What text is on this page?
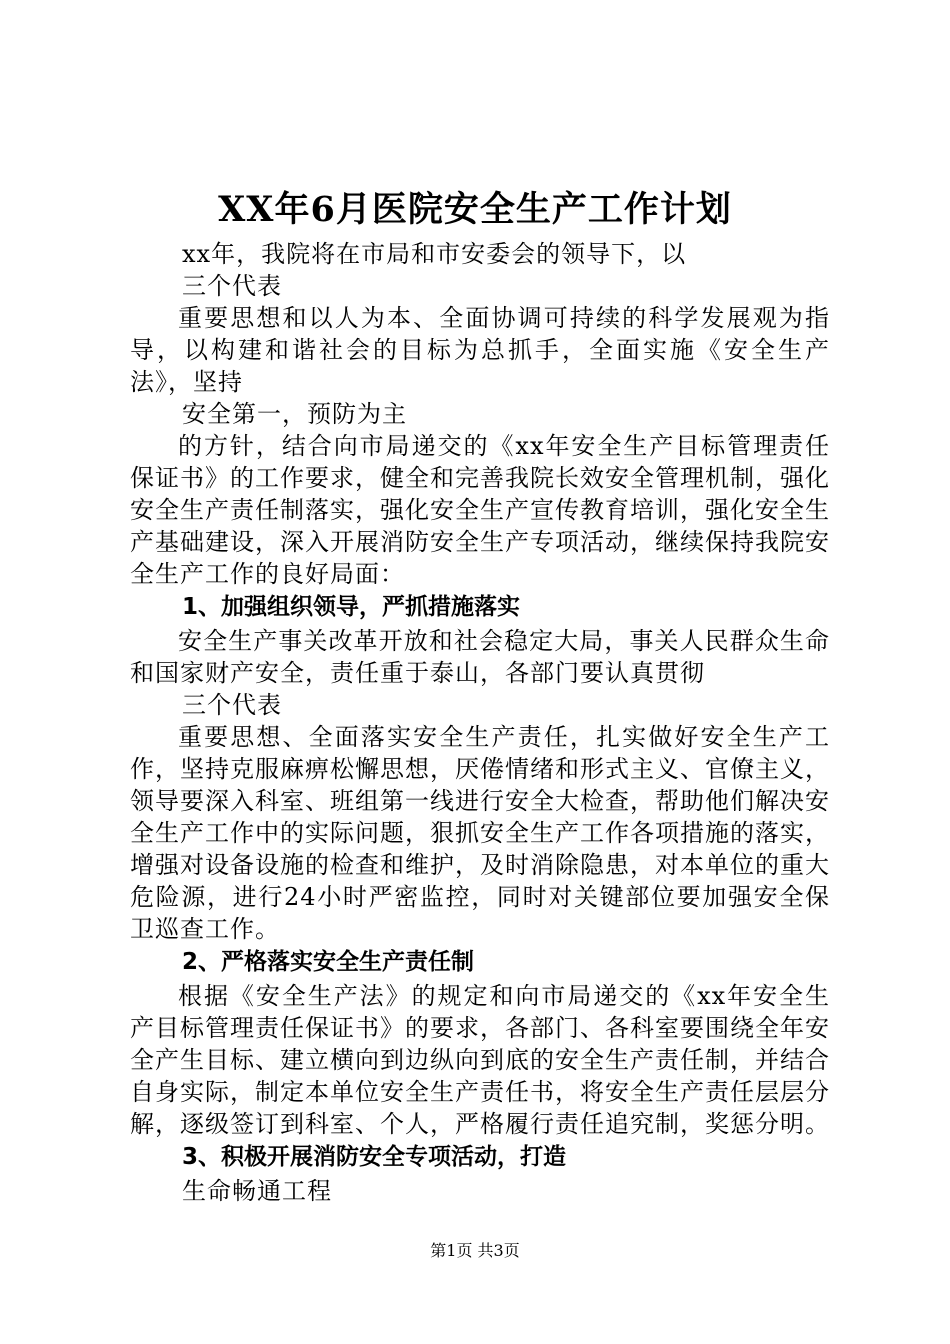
XX年6月医院安全生产工作计划

xx年，我院将在市局和市安委会的领导下，以

三个代表

重要思想和以人为本、全面协调可持续的科学发展观为指导，以构建和谐社会的目标为总抓手，全面实施《安全生产法》，坚持

安全第一，预防为主

的方针，结合向市局递交的《xx年安全生产目标管理责任保证书》的工作要求，健全和完善我院长效安全管理机制，强化安全生产责任制落实，强化安全生产宣传教育培训，强化安全生产基础建设，深入开展消防安全生产专项活动，继续保持我院安全生产工作的良好局面：

1、加强组织领导，严抓措施落实

安全生产事关改革开放和社会稳定大局，事关人民群众生命和国家财产安全，责任重于泰山，各部门要认真贯彻

三个代表

重要思想、全面落实安全生产责任，扎实做好安全生产工作，坚持克服麻痹松懈思想，厌倦情绪和形式主义、官僚主义，领导要深入科室、班组第一线进行安全大检查，帮助他们解决安全生产工作中的实际问题，狠抓安全生产工作各项措施的落实，增强对设备设施的检查和维护，及时消除隐患，对本单位的重大危险源，进行24小时严密监控，同时对关键部位要加强安全保卫巡查工作。

2、严格落实安全生产责任制

根据《安全生产法》的规定和向市局递交的《xx年安全生产目标管理责任保证书》的要求，各部门、各科室要围绕全年安全产生目标、建立横向到边纵向到底的安全生产责任制，并结合自身实际，制定本单位安全生产责任书，将安全生产责任层层分解，逐级签订到科室、个人，严格履行责任追究制，奖惩分明。

3、积极开展消防安全专项活动，打造

生命畅通工程

第1页 共3页
